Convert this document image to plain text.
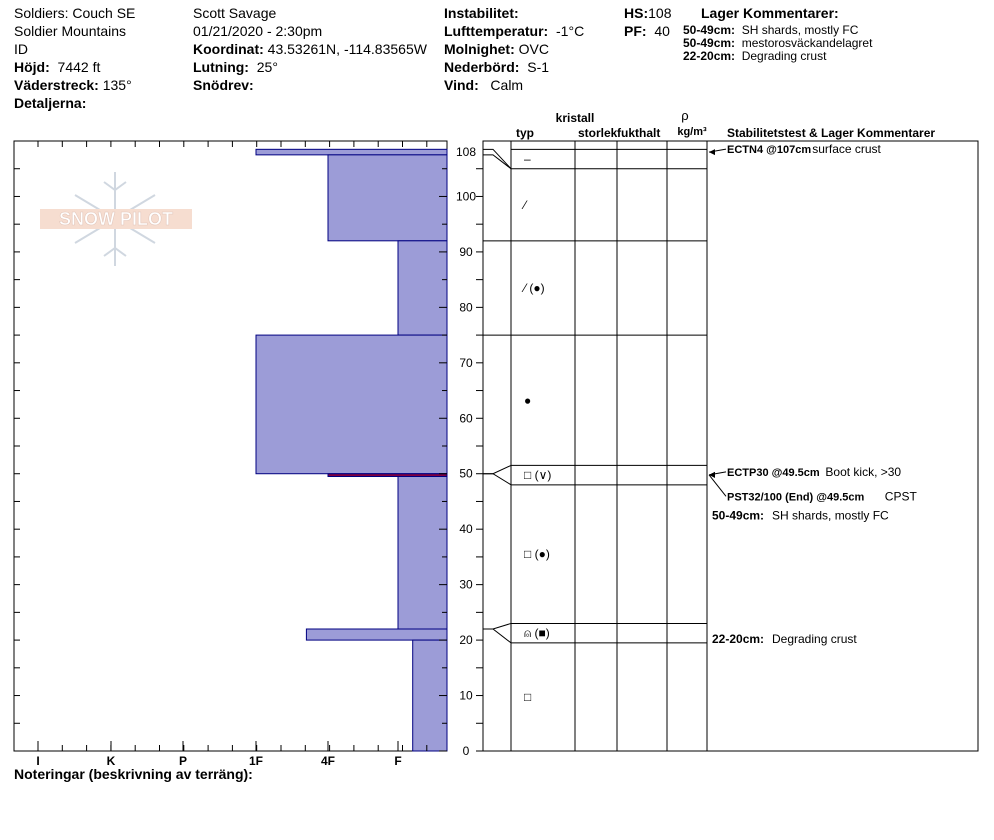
Soldiers: Couch SE
Soldier Mountains
ID
Höjd: 7442 ft
Väderstreck: 135°
Detaljerna:
Scott Savage
01/21/2020 - 2:30pm
Koordinat: 43.53261N, -114.83565W
Lutning: 25°
Snödrev:
Instabilitet:
Lufttemperatur: -1°C
Molnighet: OVC
Nederbörd: S-1
Vind: Calm
HS:108
PF: 40
Lager Kommentarer:
50-49cm: SH shards, mostly FC
50-49cm: mestorosväckandelagret
22-20cm: Degrading crust
SNOW PILOT
I	K	P	1F	4F	F
0
10
20
30
40
50
60
70
80
90
100
108	–
⁄
⁄ (●)
●
□ (∨)
□ (●)
⍝ (■)
□
ECTN4 @107cm surface crust
ECTP30 @49.5cm Boot kick, >30
PST32/100 (End) @49.5cm CPST
50-49cm: SH shards, mostly FC
22-20cm: Degrading crust
kristall
typ	storlek fukthalt
ρ
kg/m³ Stabilitetstest & Lager Kommentarer
Noteringar (beskrivning av terräng):
